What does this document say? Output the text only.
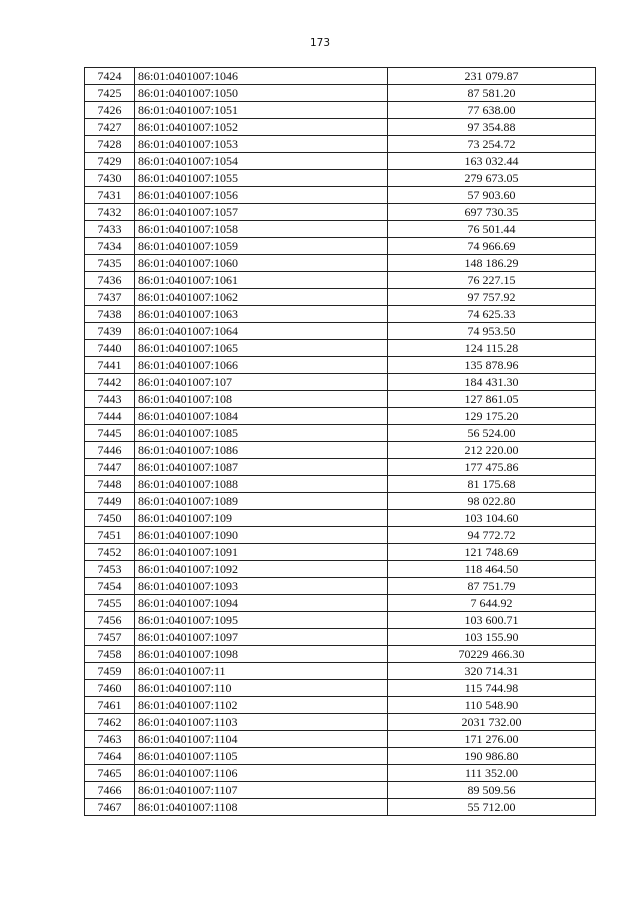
173
7424	86:01:0401007:1046	231 079.87
7425	86:01:0401007:1050	87 581.20
7426	86:01:0401007:1051	77 638.00
7427	86:01:0401007:1052	97 354.88
7428	86:01:0401007:1053	73 254.72
7429	86:01:0401007:1054	163 032.44
7430	86:01:0401007:1055	279 673.05
7431	86:01:0401007:1056	57 903.60
7432	86:01:0401007:1057	697 730.35
7433	86:01:0401007:1058	76 501.44
7434	86:01:0401007:1059	74 966.69
7435	86:01:0401007:1060	148 186.29
7436	86:01:0401007:1061	76 227.15
7437	86:01:0401007:1062	97 757.92
7438	86:01:0401007:1063	74 625.33
7439	86:01:0401007:1064	74 953.50
7440	86:01:0401007:1065	124 115.28
7441	86:01:0401007:1066	135 878.96
7442	86:01:0401007:107	184 431.30
7443	86:01:0401007:108	127 861.05
7444	86:01:0401007:1084	129 175.20
7445	86:01:0401007:1085	56 524.00
7446	86:01:0401007:1086	212 220.00
7447	86:01:0401007:1087	177 475.86
7448	86:01:0401007:1088	81 175.68
7449	86:01:0401007:1089	98 022.80
7450	86:01:0401007:109	103 104.60
7451	86:01:0401007:1090	94 772.72
7452	86:01:0401007:1091	121 748.69
7453	86:01:0401007:1092	118 464.50
7454	86:01:0401007:1093	87 751.79
7455	86:01:0401007:1094	7 644.92
7456	86:01:0401007:1095	103 600.71
7457	86:01:0401007:1097	103 155.90
7458	86:01:0401007:1098	70229 466.30
7459	86:01:0401007:11	320 714.31
7460	86:01:0401007:110	115 744.98
7461	86:01:0401007:1102	110 548.90
7462	86:01:0401007:1103	2031 732.00
7463	86:01:0401007:1104	171 276.00
7464	86:01:0401007:1105	190 986.80
7465	86:01:0401007:1106	111 352.00
7466	86:01:0401007:1107	89 509.56
7467	86:01:0401007:1108	55 712.00
